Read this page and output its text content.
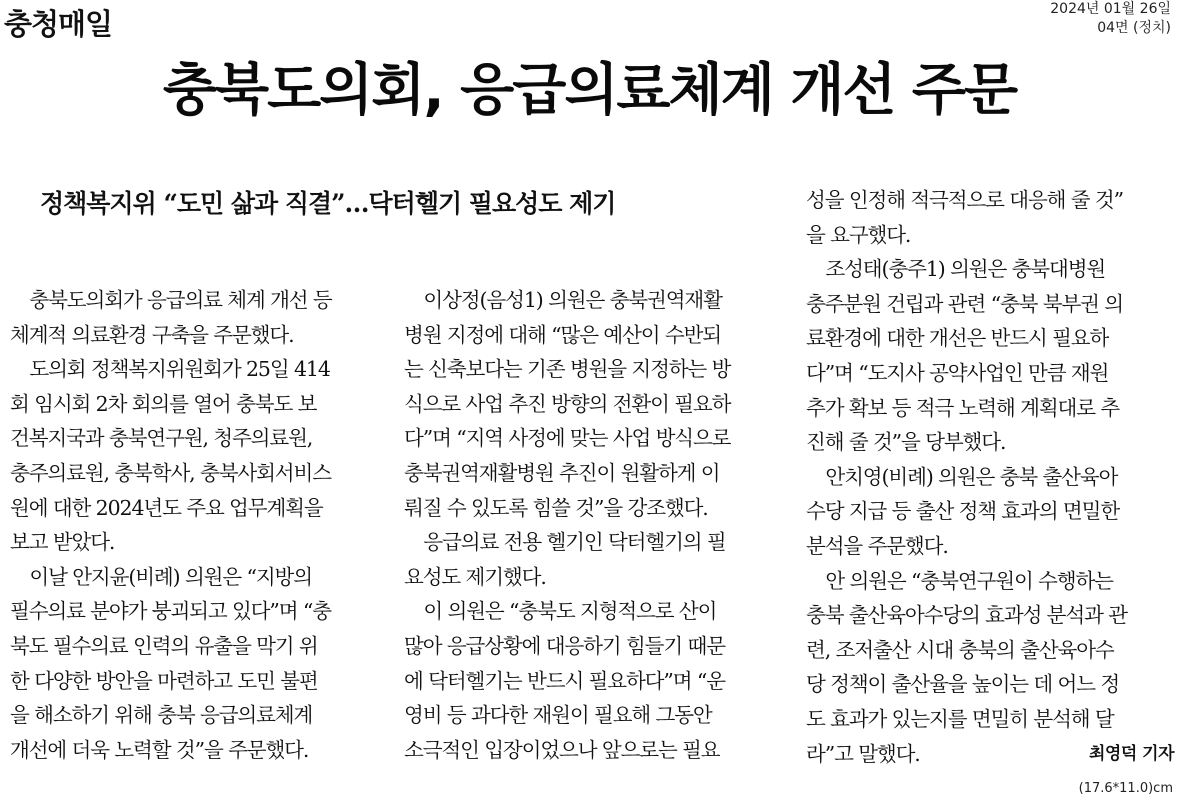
충청매일	2024년 01월 26일
04면 (정치)
충북도의회, 응급의료체계 개선 주문
정책복지위 “도민 삶과 직결”…닥터헬기 필요성도 제기
　충북도의회가 응급의료 체계 개선 등
체계적 의료환경 구축을 주문했다.
　도의회 정책복지위원회가 25일 414
회 임시회 2차 회의를 열어 충북도 보
건복지국과 충북연구원, 청주의료원,
충주의료원, 충북학사, 충북사회서비스
원에 대한 2024년도 주요 업무계획을
보고 받았다.
　이날 안지윤(비례) 의원은 “지방의
필수의료 분야가 붕괴되고 있다”며 “충
북도 필수의료 인력의 유출을 막기 위
한 다양한 방안을 마련하고 도민 불편
을 해소하기 위해 충북 응급의료체계
개선에 더욱 노력할 것”을 주문했다.
　이상정(음성1) 의원은 충북권역재활
병원 지정에 대해 “많은 예산이 수반되
는 신축보다는 기존 병원을 지정하는 방
식으로 사업 추진 방향의 전환이 필요하
다”며 “지역 사정에 맞는 사업 방식으로
충북권역재활병원 추진이 원활하게 이
뤄질 수 있도록 힘쓸 것”을 강조했다.
　응급의료 전용 헬기인 닥터헬기의 필
요성도 제기했다.
　이 의원은 “충북도 지형적으로 산이
많아 응급상황에 대응하기 힘들기 때문
에 닥터헬기는 반드시 필요하다”며 “운
영비 등 과다한 재원이 필요해 그동안
소극적인 입장이었으나 앞으로는 필요
성을 인정해 적극적으로 대응해 줄 것”
을 요구했다.
　조성태(충주1) 의원은 충북대병원
충주분원 건립과 관련 “충북 북부권 의
료환경에 대한 개선은 반드시 필요하
다”며 “도지사 공약사업인 만큼 재원
추가 확보 등 적극 노력해 계획대로 추
진해 줄 것”을 당부했다.
　안치영(비례) 의원은 충북 출산육아
수당 지급 등 출산 정책 효과의 면밀한
분석을 주문했다.
　안 의원은 “충북연구원이 수행하는
충북 출산육아수당의 효과성 분석과 관
련, 조저출산 시대 충북의 출산육아수
당 정책이 출산율을 높이는 데 어느 정
도 효과가 있는지를 면밀히 분석해 달
라”고 말했다.	최영덕 기자
(17.6*11.0)cm
